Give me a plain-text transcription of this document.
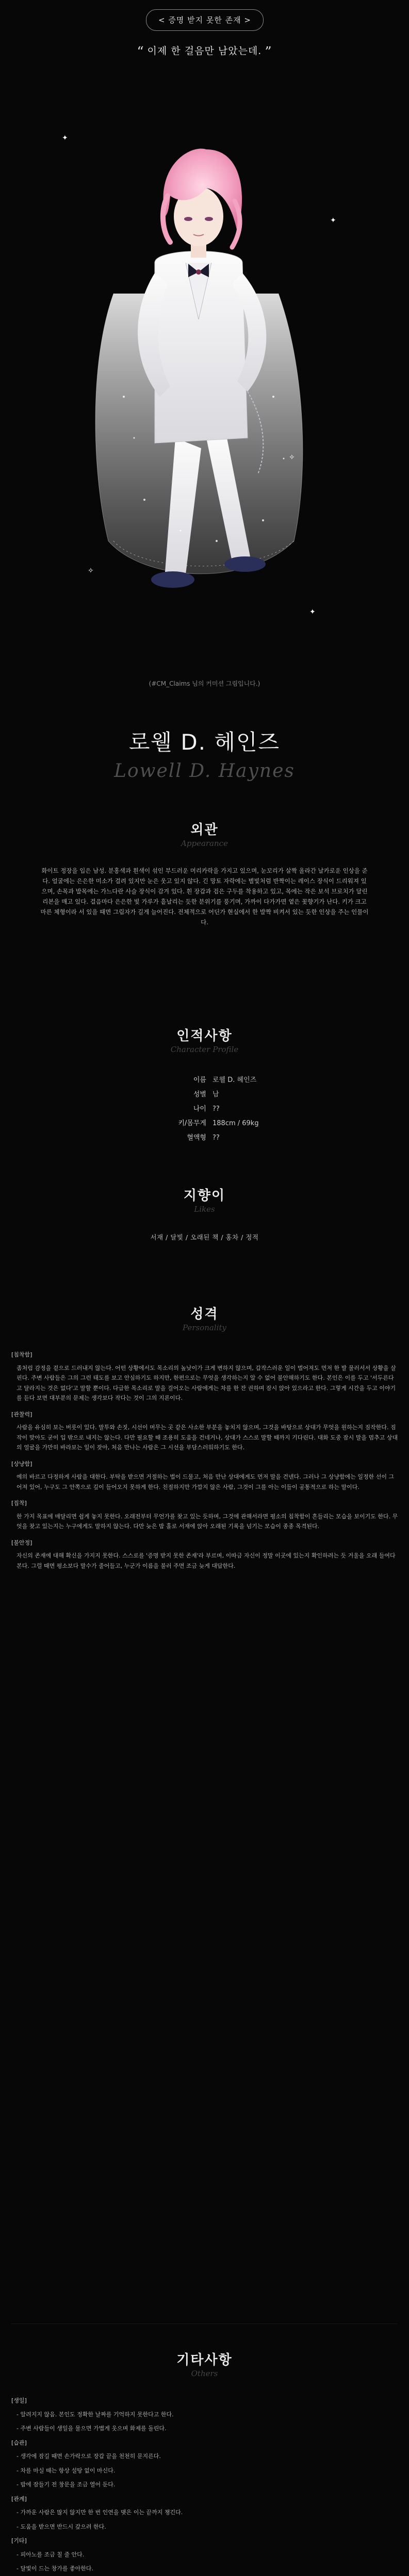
< 증명 받지 못한 존재 >
“ 이제 한 걸음만 남았는데. ”
✦
✦
✧
✦
✧
(#CM_Claims 님의 커미션 그림입니다.)
로웰 D. 헤인즈
Lowell D. Haynes
외관
Appearance
화이트 정장을 입은 남성. 분홍색과 흰색이 섞인 부드러운 머리카락을 가지고 있으며, 눈꼬리가 살짝 올라간 날카로운 인상을 준다. 얼굴에는 은은한 미소가 걸려 있지만 눈은 웃고 있지 않다. 긴 망토 자락에는 별빛처럼 반짝이는 레이스 장식이 드리워져 있으며, 손목과 발목에는 가느다란 사슬 장식이 감겨 있다. 흰 장갑과 검은 구두를 착용하고 있고, 목에는 작은 보석 브로치가 달린 리본을 매고 있다. 걸음마다 은은한 빛 가루가 흩날리는 듯한 분위기를 풍기며, 가까이 다가가면 옅은 꽃향기가 난다. 키가 크고 마른 체형이라 서 있을 때면 그림자가 길게 늘어진다. 전체적으로 어딘가 현실에서 한 발짝 비켜서 있는 듯한 인상을 주는 인물이다.
인적사항
Character Profile
이름 로웰 D. 헤인즈
성별 남
나이 ??
키/몸무게 188cm / 69kg
혈액형 ??
지향이
Likes
서재 / 달빛 / 오래된 책 / 홍차 / 정적
성격
Personality
[침착함]

좀처럼 감정을 겉으로 드러내지 않는다. 어떤 상황에서도 목소리의 높낮이가 크게 변하지 않으며, 갑작스러운 일이 벌어져도 먼저 한 발 물러서서 상황을 살핀다. 주변 사람들은 그의 그런 태도를 보고 안심하기도 하지만, 한편으로는 무엇을 생각하는지 알 수 없어 불안해하기도 한다. 본인은 이를 두고 '서두른다고 달라지는 것은 없다'고 말할 뿐이다. 다급한 목소리로 말을 걸어오는 사람에게는 차를 한 잔 권하며 잠시 앉아 있으라고 한다. 그렇게 시간을 두고 이야기를 듣다 보면 대부분의 문제는 생각보다 작다는 것이 그의 지론이다.

[관찰력]

사람을 유심히 보는 버릇이 있다. 말투와 손짓, 시선이 머무는 곳 같은 사소한 부분을 놓치지 않으며, 그것을 바탕으로 상대가 무엇을 원하는지 짐작한다. 짐작이 맞아도 굳이 입 밖으로 내지는 않는다. 다만 필요할 때 조용히 도움을 건네거나, 상대가 스스로 말할 때까지 기다린다. 대화 도중 잠시 말을 멈추고 상대의 얼굴을 가만히 바라보는 일이 잦아, 처음 만나는 사람은 그 시선을 부담스러워하기도 한다.

[상냥함]

예의 바르고 다정하게 사람을 대한다. 부탁을 받으면 거절하는 법이 드물고, 처음 만난 상대에게도 먼저 말을 건넨다. 그러나 그 상냥함에는 일정한 선이 그어져 있어, 누구도 그 안쪽으로 깊이 들어오지 못하게 한다. 친절하지만 가깝지 않은 사람, 그것이 그를 아는 이들이 공통적으로 하는 말이다.

[집착]

한 가지 목표에 매달리면 쉽게 놓지 못한다. 오래전부터 무언가를 찾고 있는 듯하며, 그것에 관해서라면 평소의 침착함이 흔들리는 모습을 보이기도 한다. 무엇을 찾고 있는지는 누구에게도 말하지 않는다. 다만 늦은 밤 홀로 서재에 앉아 오래된 기록을 넘기는 모습이 종종 목격된다.

[불안정]

자신의 존재에 대해 확신을 가지지 못한다. 스스로를 '증명 받지 못한 존재'라 부르며, 이따금 자신이 정말 이곳에 있는지 확인하려는 듯 거울을 오래 들여다본다. 그럴 때면 평소보다 말수가 줄어들고, 누군가 이름을 불러 주면 조금 늦게 대답한다.

기타사항
Others
[생일]

- 알려지지 않음. 본인도 정확한 날짜를 기억하지 못한다고 한다.

- 주변 사람들이 생일을 물으면 가볍게 웃으며 화제를 돌린다.

[습관]

- 생각에 잠길 때면 손가락으로 장갑 끝을 천천히 문지른다.

- 차를 마실 때는 항상 설탕 없이 마신다.

- 밤에 잠들기 전 창문을 조금 열어 둔다.

[관계]

- 가까운 사람은 많지 않지만 한 번 인연을 맺은 이는 끝까지 챙긴다.

- 도움을 받으면 반드시 갚으려 한다.

[기타]

- 피아노를 조금 칠 줄 안다.

- 달빛이 드는 창가를 좋아한다.
